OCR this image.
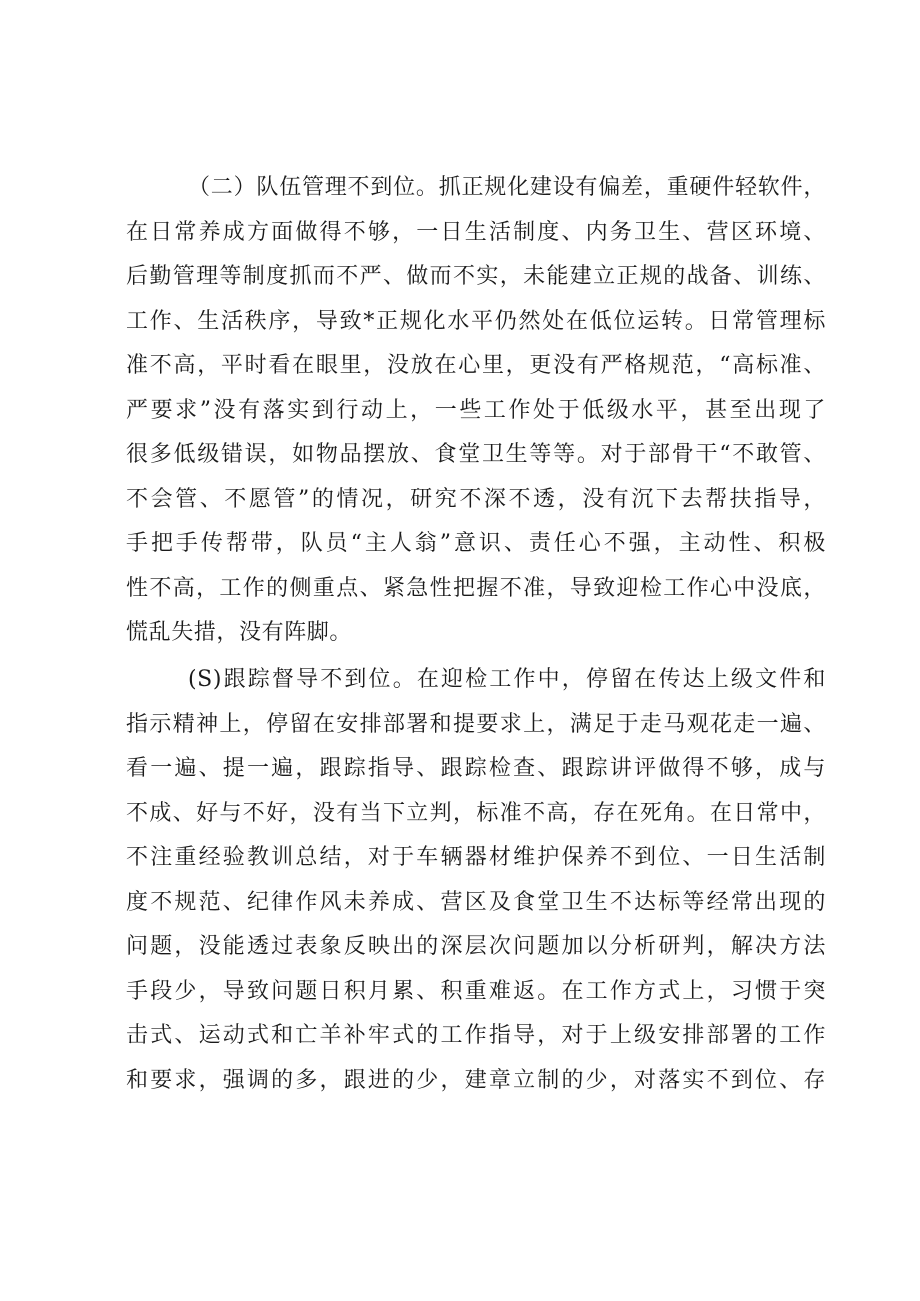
（二）队伍管理不到位。抓正规化建设有偏差，重硬件轻软件，
在日常养成方面做得不够，一日生活制度、内务卫生、营区环境、
后勤管理等制度抓而不严、做而不实，未能建立正规的战备、训练、
工作、生活秩序，导致*正规化水平仍然处在低位运转。日常管理标
准不高，平时看在眼里，没放在心里，更没有严格规范，“高标准、
严要求”没有落实到行动上，一些工作处于低级水平，甚至出现了
很多低级错误，如物品摆放、食堂卫生等等。对于部骨干“不敢管、
不会管、不愿管”的情况，研究不深不透，没有沉下去帮扶指导，
手把手传帮带，队员“主人翁”意识、责任心不强，主动性、积极
性不高，工作的侧重点、紧急性把握不准，导致迎检工作心中没底，
慌乱失措，没有阵脚。
(S)跟踪督导不到位。在迎检工作中，停留在传达上级文件和
指示精神上，停留在安排部署和提要求上，满足于走马观花走一遍、
看一遍、提一遍，跟踪指导、跟踪检查、跟踪讲评做得不够，成与
不成、好与不好，没有当下立判，标准不高，存在死角。在日常中，
不注重经验教训总结，对于车辆器材维护保养不到位、一日生活制
度不规范、纪律作风未养成、营区及食堂卫生不达标等经常出现的
问题，没能透过表象反映出的深层次问题加以分析研判，解决方法
手段少，导致问题日积月累、积重难返。在工作方式上，习惯于突
击式、运动式和亡羊补牢式的工作指导，对于上级安排部署的工作
和要求，强调的多，跟进的少，建章立制的少，对落实不到位、存
